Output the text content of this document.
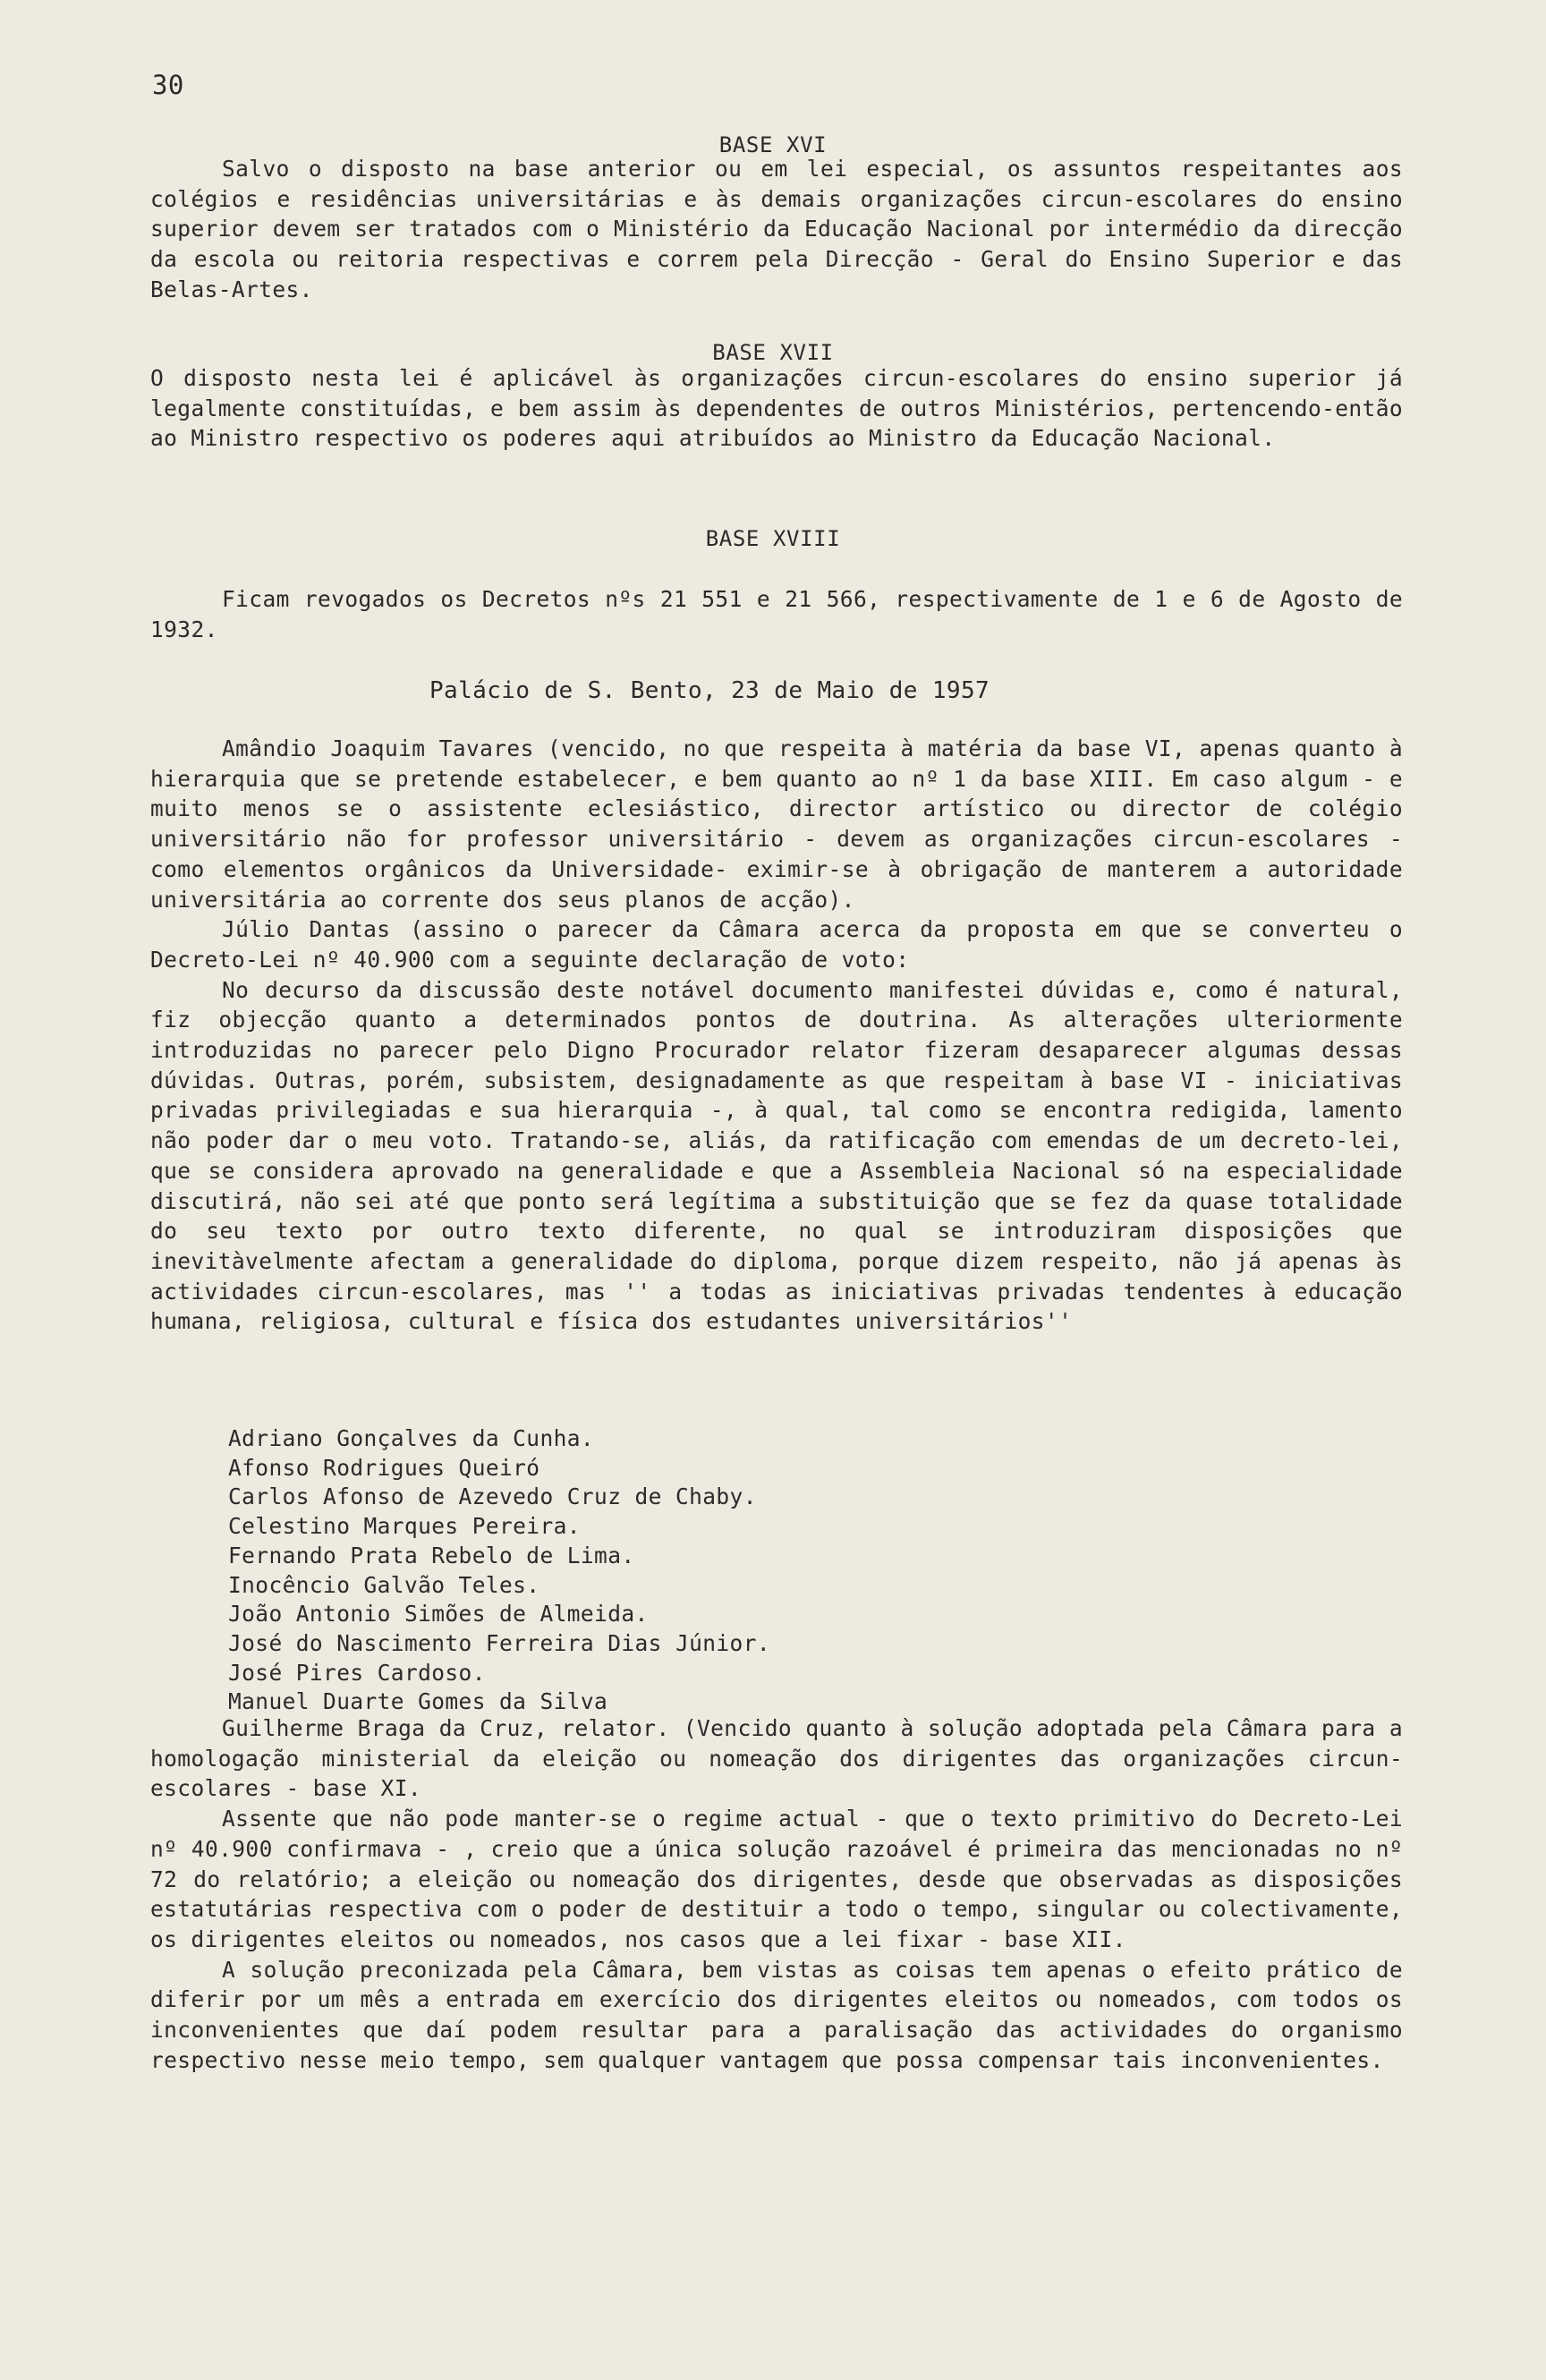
30
BASE XVI

Salvo o disposto na base anterior ou em lei especial, os assuntos respeitantes aos colégios e residências universitárias e às demais organizações circun-escolares do ensino superior devem ser tratados com o Ministério da Educação Nacional por intermédio da direcção da escola ou reitoria respectivas e correm pela Direcção - Geral do Ensino Superior e das Belas-Artes.

BASE XVII

O disposto nesta lei é aplicável às organizações circun-escolares do ensino superior já legalmente constituídas, e bem assim às dependentes de outros Ministérios, pertencendo-então ao Ministro respectivo os poderes aqui atribuídos ao Ministro da Educação Nacional.

BASE XVIII

Ficam revogados os Decretos nºs 21 551 e 21 566, respectivamente de 1 e 6 de Agosto de 1932.

Palácio de S. Bento, 23 de Maio de 1957

Amândio Joaquim Tavares (vencido, no que respeita à matéria da base VI, apenas quanto à hierarquia que se pretende estabelecer, e bem quanto ao nº 1 da base XIII. Em caso algum - e muito menos se o assistente eclesiástico, director artístico ou director de colégio universitário não for professor universitário - devem as organizações circun-escolares - como elementos orgânicos da Universidade- eximir-se à obrigação de manterem a autoridade universitária ao corrente dos seus planos de acção).

Júlio Dantas (assino o parecer da Câmara acerca da proposta em que se converteu o Decreto-Lei nº 40.900 com a seguinte declaração de voto:

No decurso da discussão deste notável documento manifestei dúvidas e, como é natural, fiz objecção quanto a determinados pontos de doutrina. As alterações ulteriormente introduzidas no parecer pelo Digno Procurador relator fizeram desaparecer algumas dessas dúvidas. Outras, porém, subsistem, designadamente as que respeitam à base VI - iniciativas privadas privilegiadas e sua hierarquia -, à qual, tal como se encontra redigida, lamento não poder dar o meu voto. Tratando-se, aliás, da ratificação com emendas de um decreto-lei, que se considera aprovado na generalidade e que a Assembleia Nacional só na especialidade discutirá, não sei até que ponto será legítima a substituição que se fez da quase totalidade do seu texto por outro texto diferente, no qual se introduziram disposições que inevitàvelmente afectam a generalidade do diploma, porque dizem respeito, não já apenas às actividades circun-escolares, mas '' a todas as iniciativas privadas tendentes à educação humana, religiosa, cultural e física dos estudantes universitários''

Adriano Gonçalves da Cunha.
Afonso Rodrigues Queiró
Carlos Afonso de Azevedo Cruz de Chaby.
Celestino Marques Pereira.
Fernando Prata Rebelo de Lima.
Inocêncio Galvão Teles.
João Antonio Simões de Almeida.
José do Nascimento Ferreira Dias Júnior.
José Pires Cardoso.
Manuel Duarte Gomes da Silva

Guilherme Braga da Cruz, relator. (Vencido quanto à solução adoptada pela Câmara para a homologação ministerial da eleição ou nomeação dos dirigentes das organizações circun-escolares - base XI.

Assente que não pode manter-se o regime actual - que o texto primitivo do Decreto-Lei nº 40.900 confirmava - , creio que a única solução razoável é primeira das mencionadas no nº 72 do relatório; a eleição ou nomeação dos dirigentes, desde que observadas as disposições estatutárias respectiva com o poder de destituir a todo o tempo, singular ou colectivamente, os dirigentes eleitos ou nomeados, nos casos que a lei fixar - base XII.

A solução preconizada pela Câmara, bem vistas as coisas tem apenas o efeito prático de diferir por um mês a entrada em exercício dos dirigentes eleitos ou nomeados, com todos os inconvenientes que daí podem resultar para a paralisação das actividades do organismo respectivo nesse meio tempo, sem qualquer vantagem que possa compensar tais inconvenientes.
